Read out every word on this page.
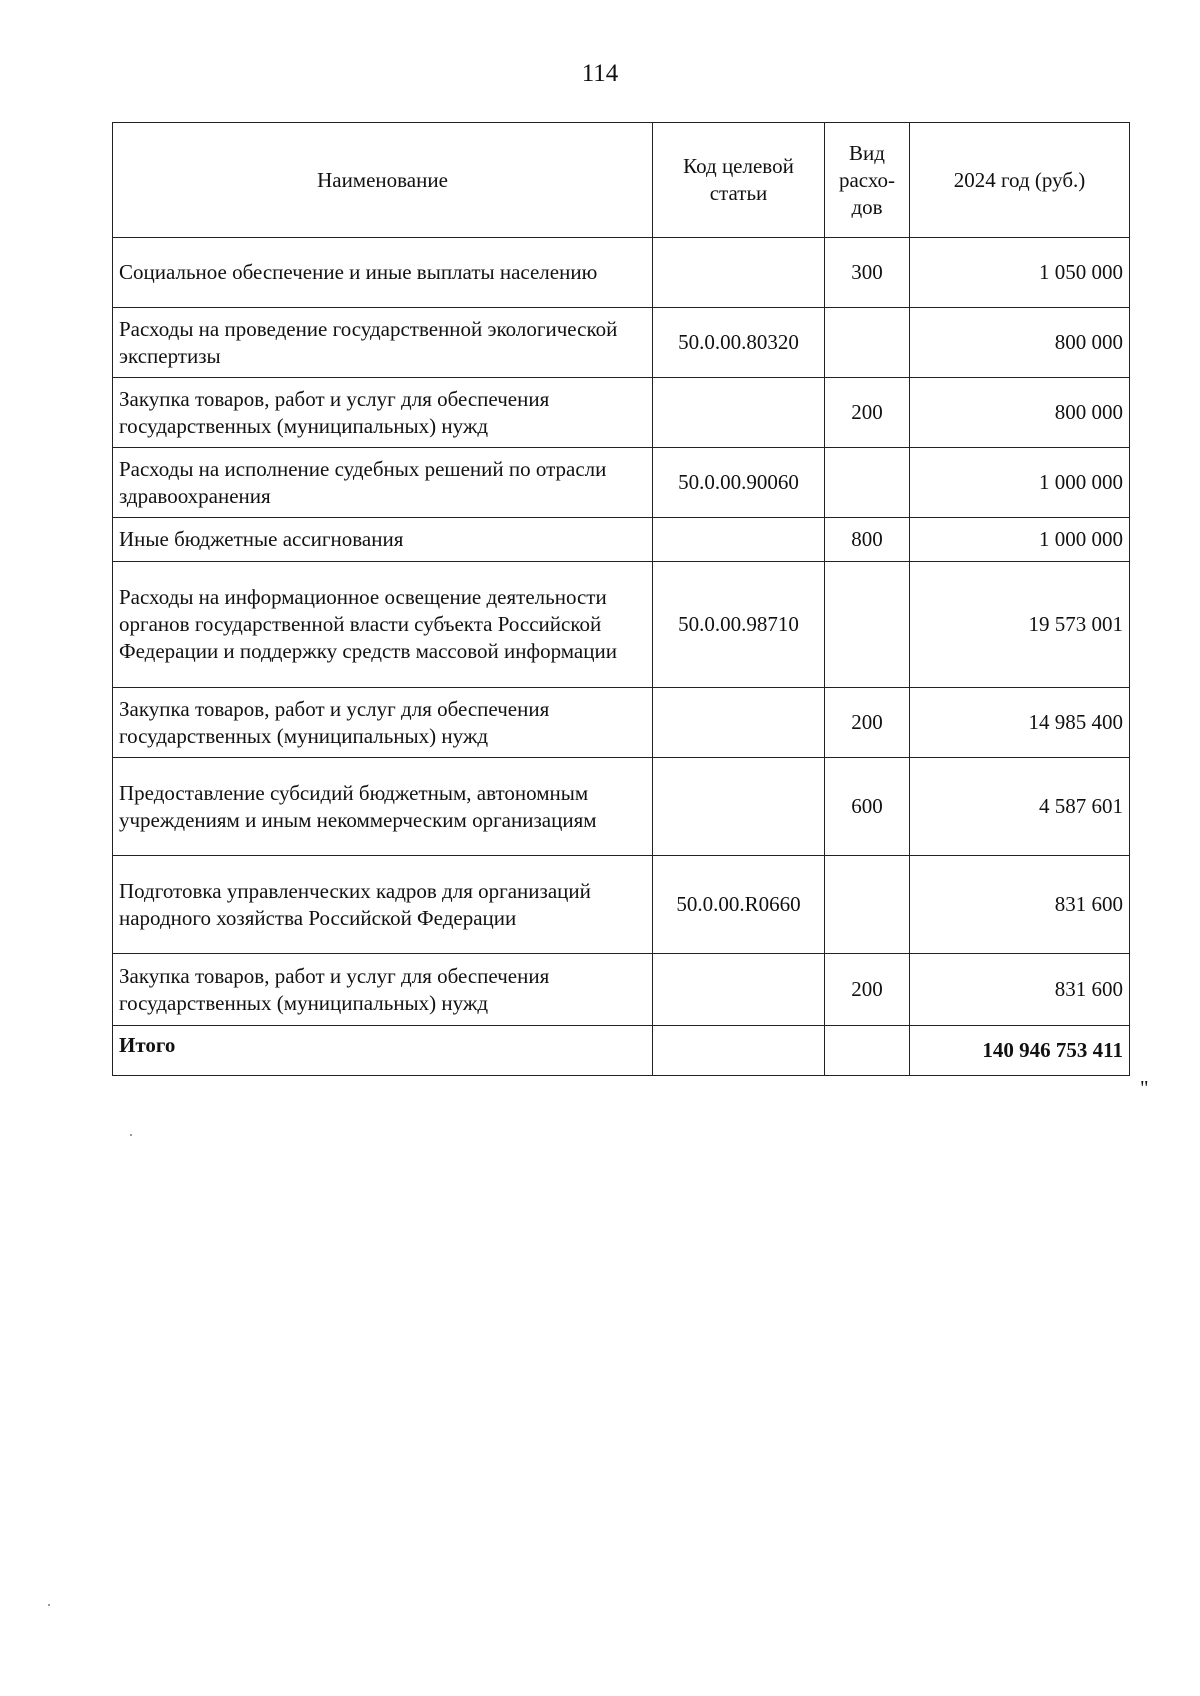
114
Наименование	Код целевой статьи	Вид расхо-дов	2024 год (руб.)
Социальное обеспечение и иные выплаты населению		300	1 050 000
Расходы на проведение государственной экологической экспертизы	50.0.00.80320		800 000
Закупка товаров, работ и услуг для обеспечения государственных (муниципальных) нужд		200	800 000
Расходы на исполнение судебных решений по отрасли здравоохранения	50.0.00.90060		1 000 000
Иные бюджетные ассигнования		800	1 000 000
Расходы на информационное освещение деятельности органов государственной власти субъекта Российской Федерации и поддержку средств массовой информации	50.0.00.98710		19 573 001
Закупка товаров, работ и услуг для обеспечения государственных (муниципальных) нужд		200	14 985 400
Предоставление субсидий бюджетным, автономным учреждениям и иным некоммерческим организациям		600	4 587 601
Подготовка управленческих кадров для организаций народного хозяйства Российской Федерации	50.0.00.R0660		831 600
Закупка товаров, работ и услуг для обеспечения государственных (муниципальных) нужд		200	831 600
Итого			140 946 753 411
"
